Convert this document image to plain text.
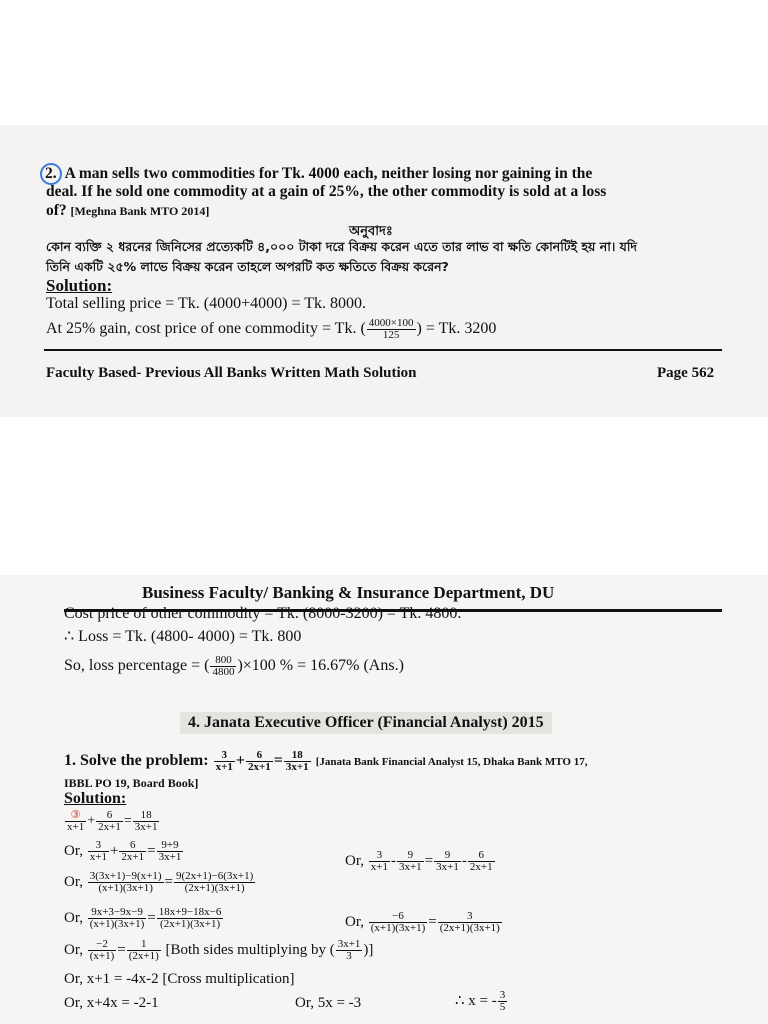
2. A man sells two commodities for Tk. 4000 each, neither losing nor gaining in the
deal. If he sold one commodity at a gain of 25%, the other commodity is sold at a loss
of? [Meghna Bank MTO 2014]
অনুবাদঃ
কোন ব্যক্তি ২ ধরনের জিনিসের প্রত্যেকটি ৪,০০০ টাকা দরে বিক্রয় করেন এতে তার লাভ বা ক্ষতি কোনটিই হয় না। যদি
তিনি একটি ২৫% লাভে বিক্রয় করেন তাহলে অপরটি কত ক্ষতিতে বিক্রয় করেন?
Solution:
Total selling price = Tk. (4000+4000) = Tk. 8000.
At 25% gain, cost price of one commodity = Tk. ( $\frac{4000\times 100}{125}$ ) = Tk. 3200
Faculty Based- Previous All Banks Written Math Solution	Page 562
Business Faculty/ Banking & Insurance Department, DU
Cost price of other commodity = Tk. (8000-3200) = Tk. 4800.
∴ Loss = Tk. (4800- 4000) = Tk. 800
So, loss percentage = ( $\frac{800}{4800} )\times 100$ % = 16.67% (Ans.)
4. Janata Executive Officer (Financial Analyst) 2015
1. Solve the problem: $\frac{3}{x+1} + \frac{6}{2x+1} = \frac{18}{3x+1}$ [Janata Bank Financial Analyst 15, Dhaka Bank MTO 17,
IBBL PO 19, Board Book]
Solution:
$\frac{\text{③}}{x+1} + \frac{6}{2x+1} = \frac{18}{3x+1}$
Or, $\frac{3}{x+1} + \frac{6}{2x+1} = \frac{9+9}{3x+1}$	Or, $\frac{3}{x+1} - \frac{9}{3x+1} = \frac{9}{3x+1} - \frac{6}{2x+1}$
Or, $\frac{3(3x+1)-9(x+1)}{(x+1)(3x+1)} = \frac{9(2x+1)-6(3x+1)}{(2x+1)(3x+1)}$
Or, $\frac{9x+3-9x-9}{(x+1)(3x+1)} = \frac{18x+9-18x-6}{(2x+1)(3x+1)}$	Or, $\frac{-6}{(x+1)(3x+1)} = \frac{3}{(2x+1)(3x+1)}$
Or, $\frac{-2}{(x+1)} = \frac{1}{(2x+1)}$ [Both sides multiplying by ( $\frac{3x+1}{3}$ )]
Or, x+1 = -4x-2 [Cross multiplication]
Or, x+4x = -2-1	Or, 5x = -3	∴ x = - $\frac{3}{5}$
